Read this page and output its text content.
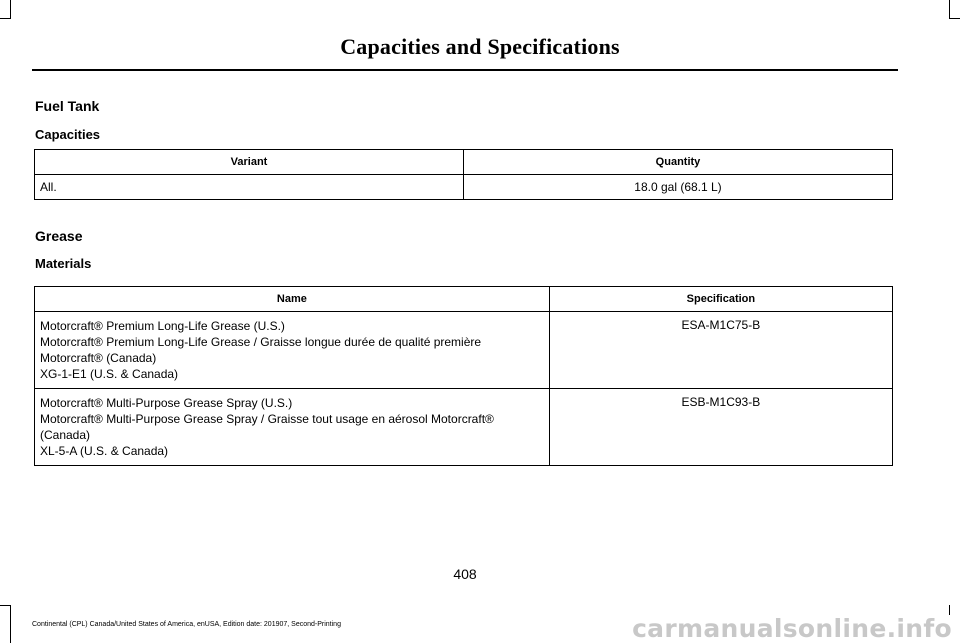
Capacities and Specifications
Fuel Tank
Capacities
Variant	Quantity
All.	18.0 gal (68.1 L)
Grease
Materials
Name	Specification

Motorcraft® Premium Long-Life Grease (U.S.)
Motorcraft® Premium Long-Life Grease / Graisse longue durée de qualité première
Motorcraft® (Canada)
XG-1-E1 (U.S. & Canada)	ESA-M1C75-B

Motorcraft® Multi-Purpose Grease Spray (U.S.)
Motorcraft® Multi-Purpose Grease Spray / Graisse tout usage en aérosol Motorcraft®
(Canada)
XL-5-A (U.S. & Canada)	ESB-M1C93-B
408
Continental (CPL) Canada/United States of America, enUSA, Edition date: 201907, Second-Printing	carmanualsonline.info
